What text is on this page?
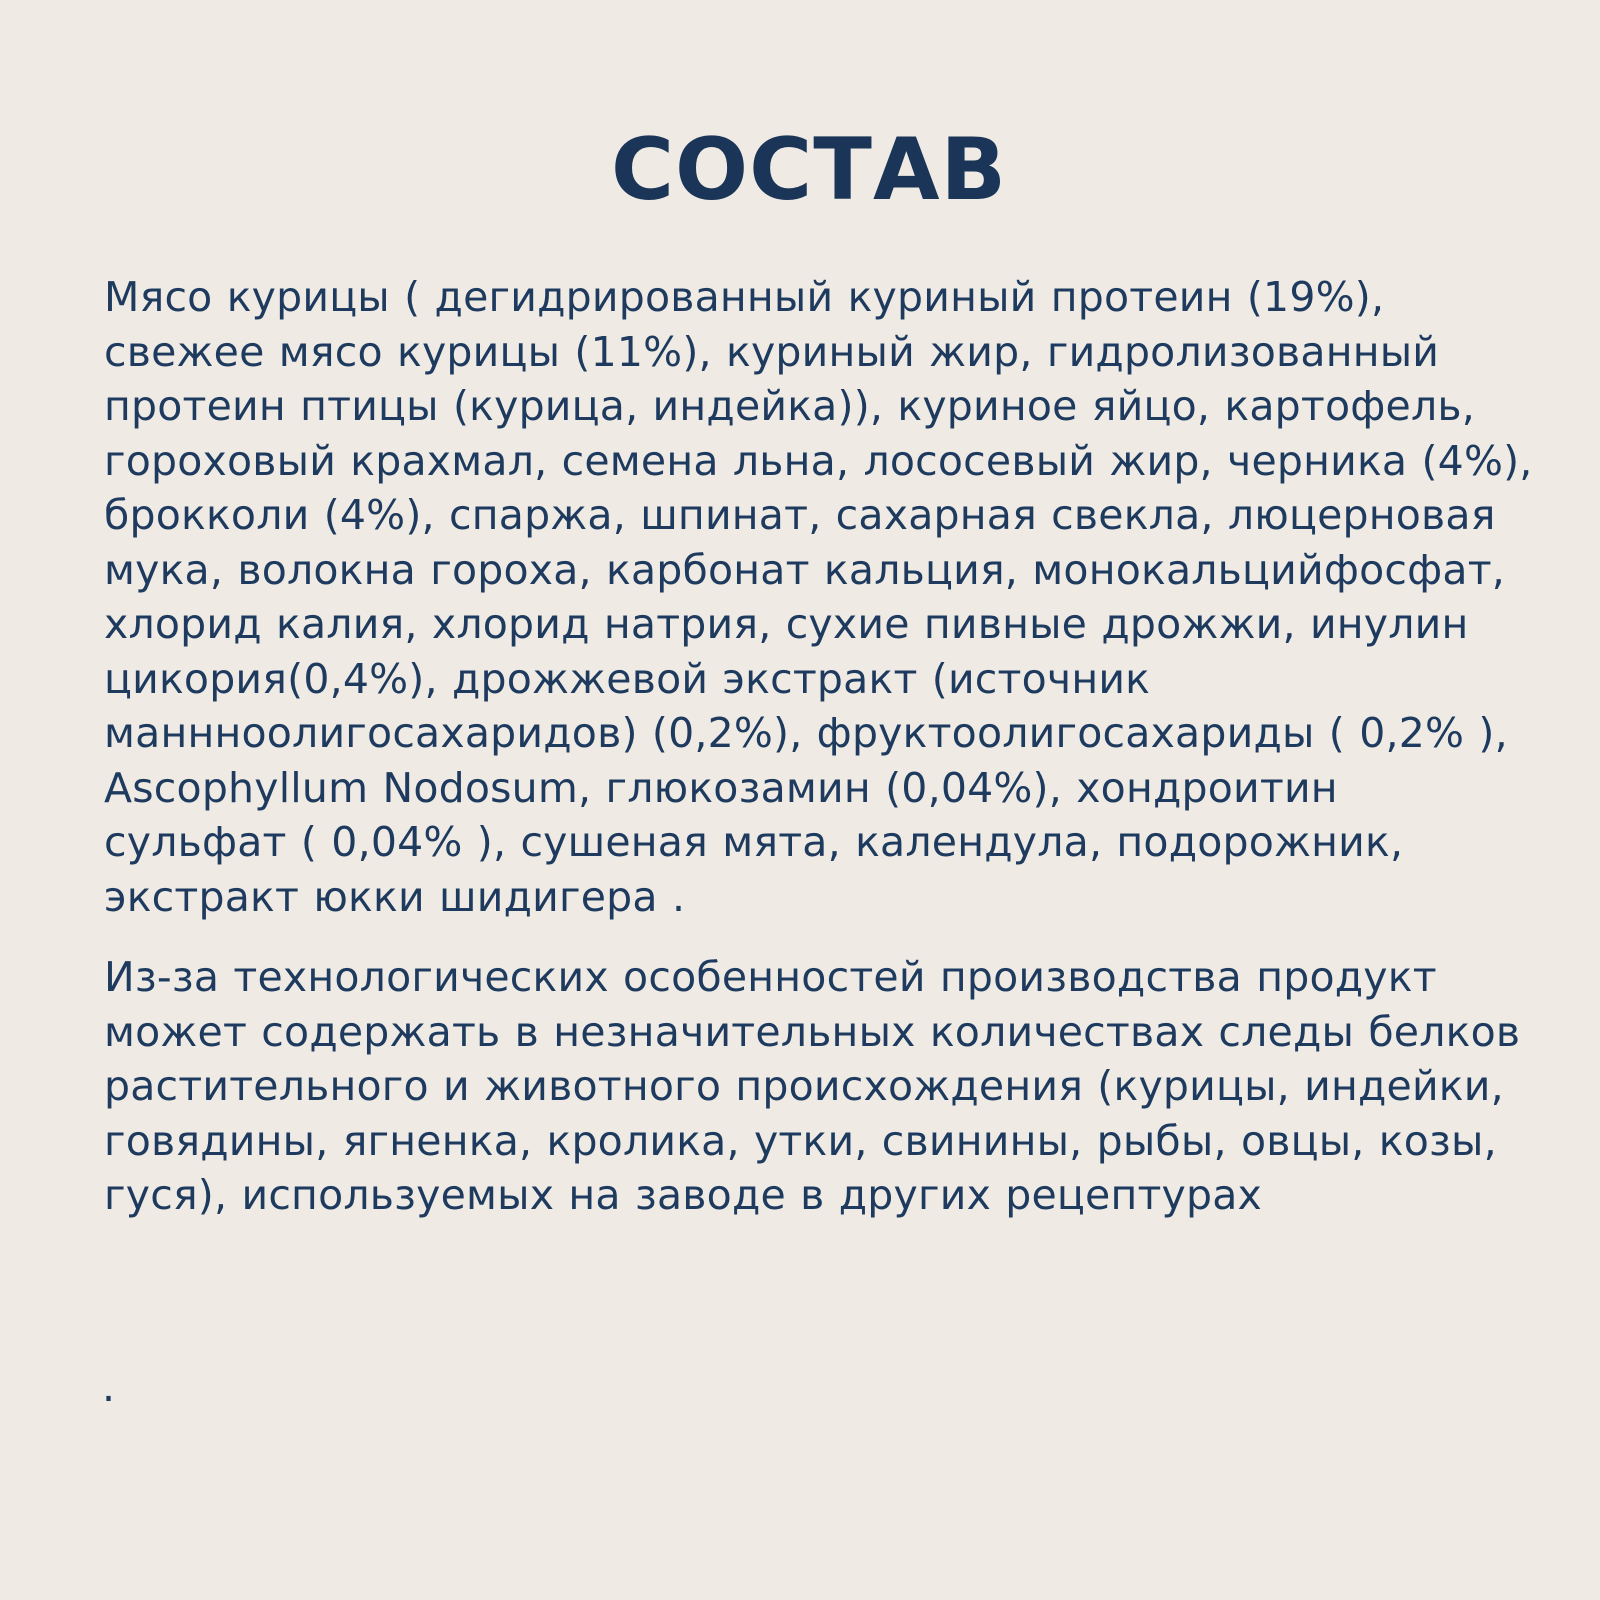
СОСТАВ

Мясо курицы ( дегидрированный куриный протеин (19%), свежее мясо курицы (11%), куриный жир, гидролизованный протеин птицы (курица, индейка)), куриное яйцо, картофель, гороховый крахмал, семена льна, лососевый жир, черника (4%), брокколи (4%), спаржа, шпинат, сахарная свекла, люцерновая мука, волокна гороха, карбонат кальция, монокальцийфосфат, хлорид калия, хлорид натрия, сухие пивные дрожжи, инулин цикория(0,4%), дрожжевой экстракт (источник маннноолигосахаридов) (0,2%), фруктоолигосахариды ( 0,2% ), Ascophyllum Nodosum, глюкозамин (0,04%), хондроитин сульфат ( 0,04% ), сушеная мята, календула, подорожник, экстракт юкки шидигера .

Из-за технологических особенностей производства продукт может содержать в незначительных количествах следы белков растительного и животного происхождения (курицы, индейки, говядины, ягненка, кролика, утки, свинины, рыбы, овцы, козы, гуся), используемых на заводе в других рецептурах

.
